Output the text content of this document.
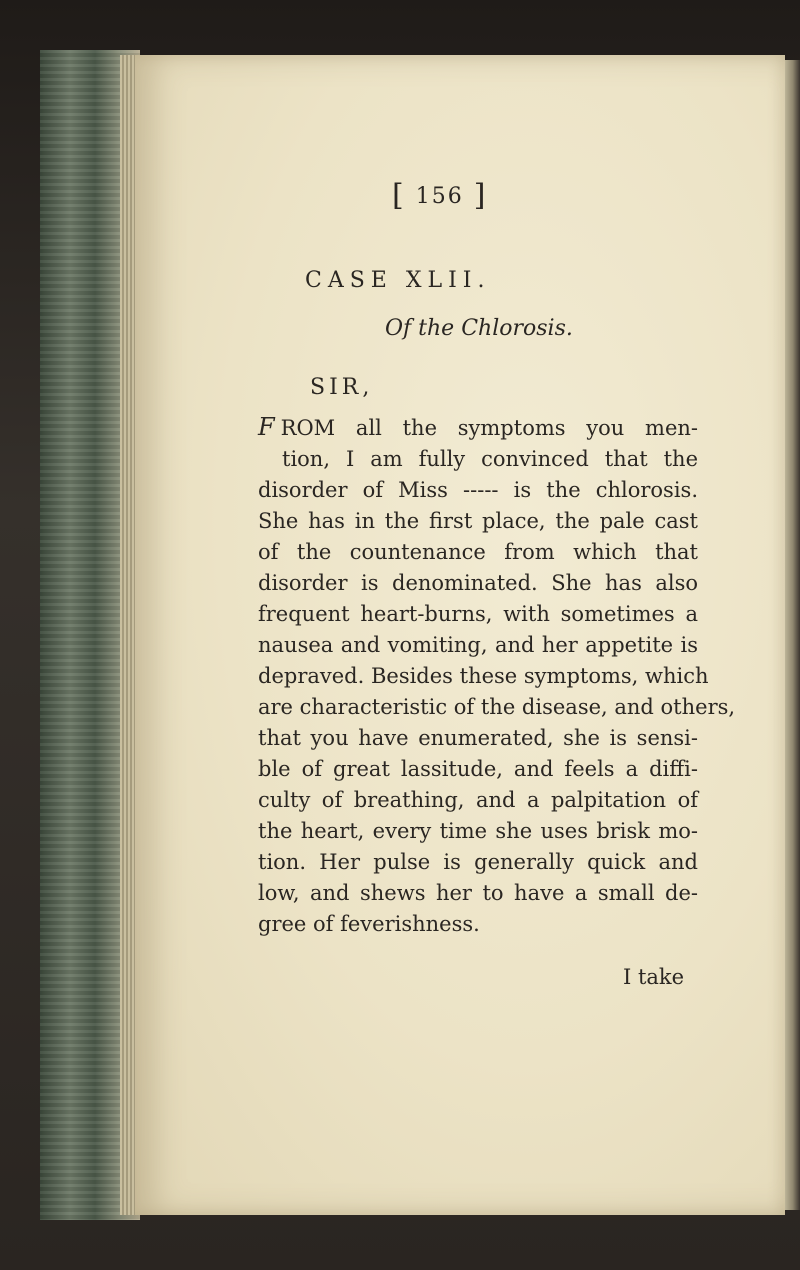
[ 156 ]
CASE XLII.
Of the Chlorosis.
SIR,
F ROM all the symptoms you men-
tion, I am fully convinced that the
disorder of Miss ----- is the chlorosis.
She has in the first place, the pale cast
of the countenance from which that
disorder is denominated. She has also
frequent heart-burns, with sometimes a
nausea and vomiting, and her appetite is
depraved. Besides these symptoms, which
are characteristic of the disease, and others,
that you have enumerated, she is sensi-
ble of great lassitude, and feels a diffi-
culty of breathing, and a palpitation of
the heart, every time she uses brisk mo-
tion. Her pulse is generally quick and
low, and shews her to have a small de-
gree of feverishness.
I take
